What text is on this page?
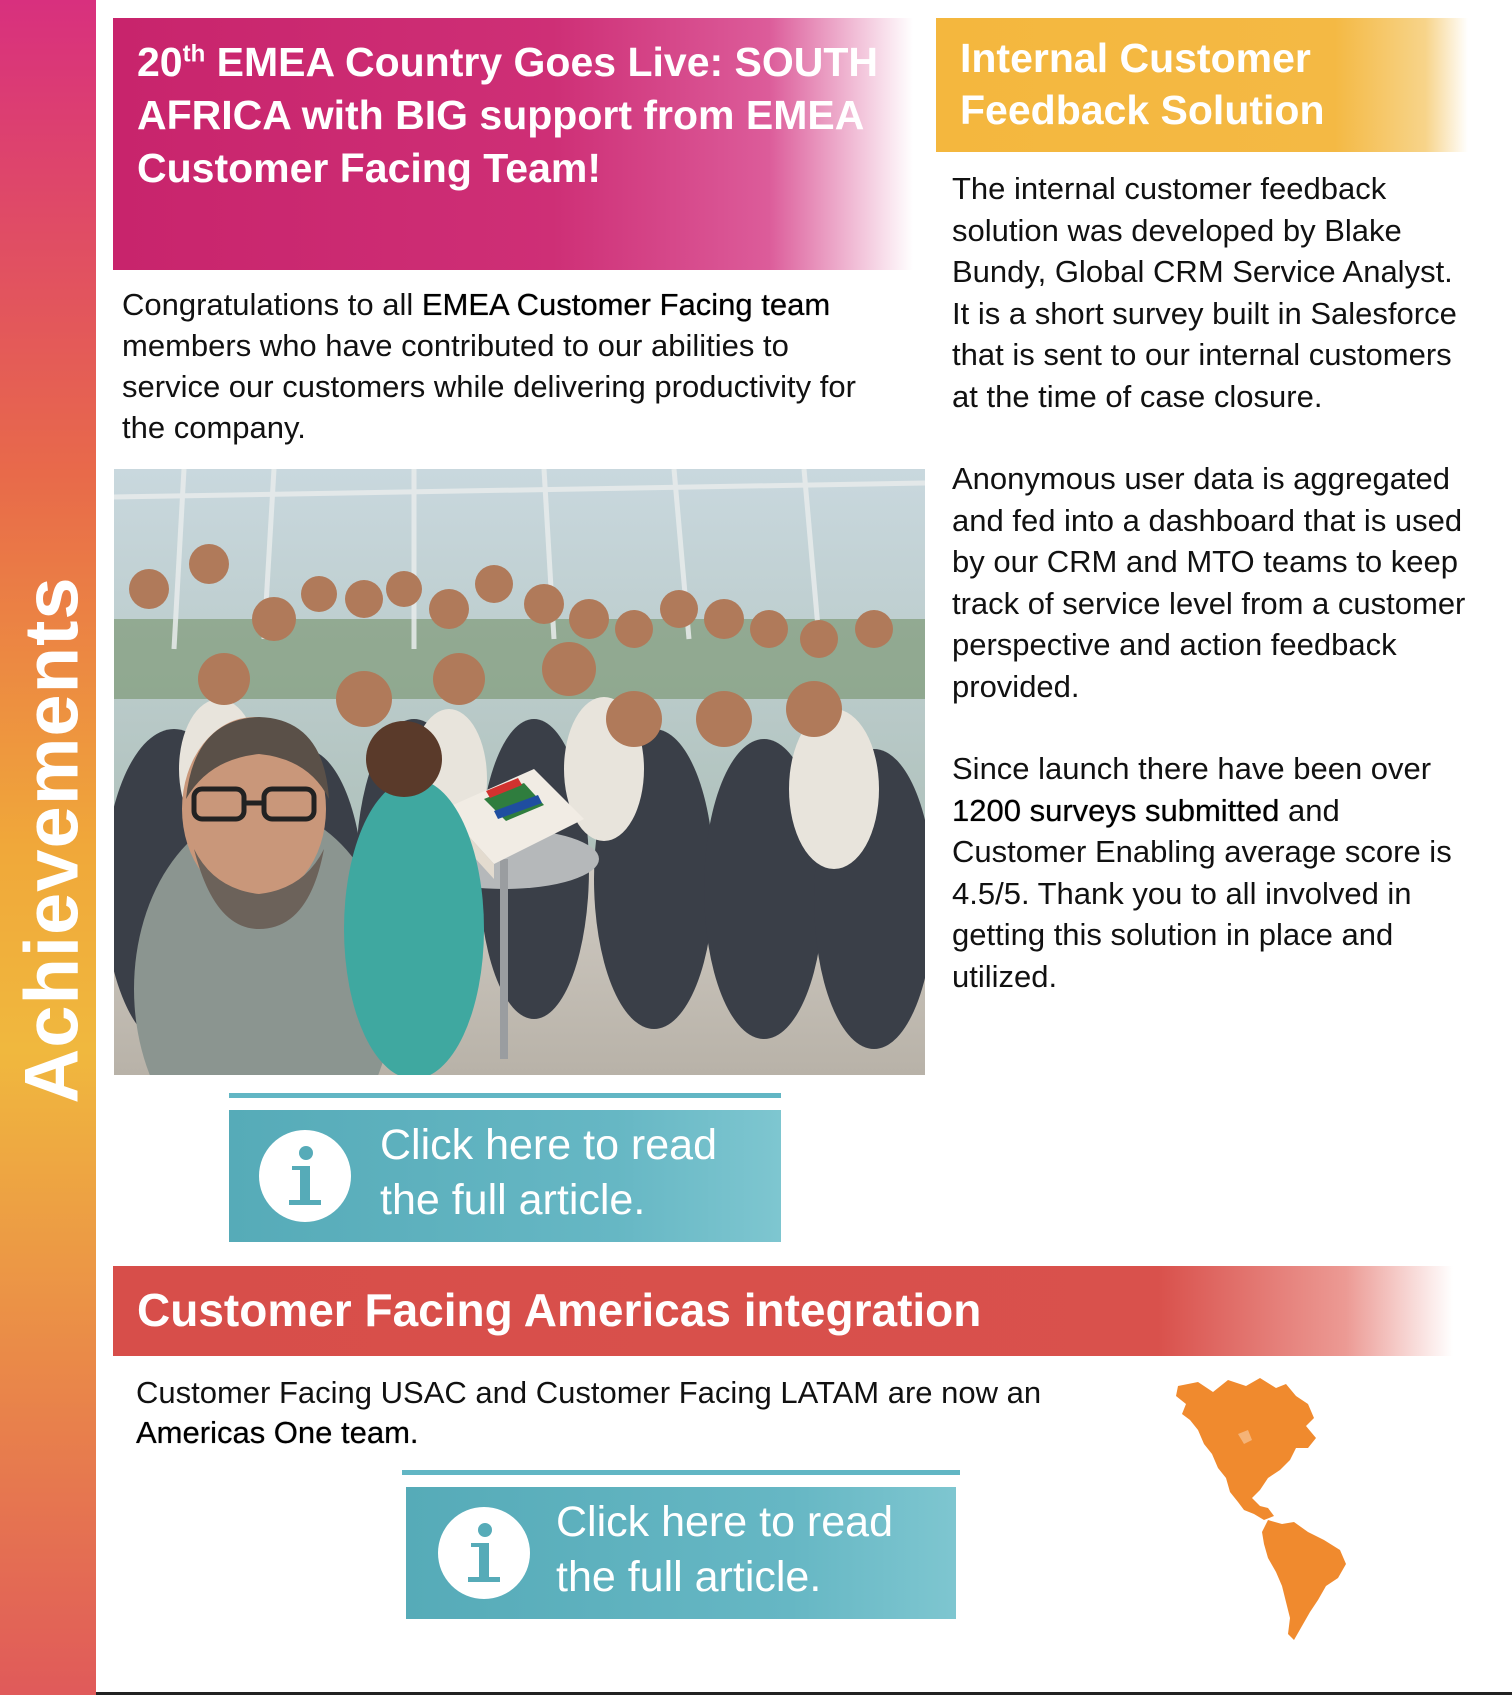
Achievements

20th EMEA Country Goes Live: SOUTH AFRICA with BIG support from EMEA Customer Facing Team!

Congratulations to all EMEA Customer Facing team members who have contributed to our abilities to service our customers while delivering productivity for the company.

Click here to read
the full article.

Internal Customer Feedback Solution

The internal customer feedback solution was developed by Blake Bundy, Global CRM Service Analyst. It is a short survey built in Salesforce that is sent to our internal customers at the time of case closure.

Anonymous user data is aggregated and fed into a dashboard that is used by our CRM and MTO teams to keep track of service level from a customer perspective and action feedback provided.

Since launch there have been over 1200 surveys submitted and Customer Enabling average score is 4.5/5. Thank you to all involved in getting this solution in place and utilized.

Customer Facing Americas integration

Customer Facing USAC and Customer Facing LATAM are now an Americas One team.

Click here to read
the full article.
